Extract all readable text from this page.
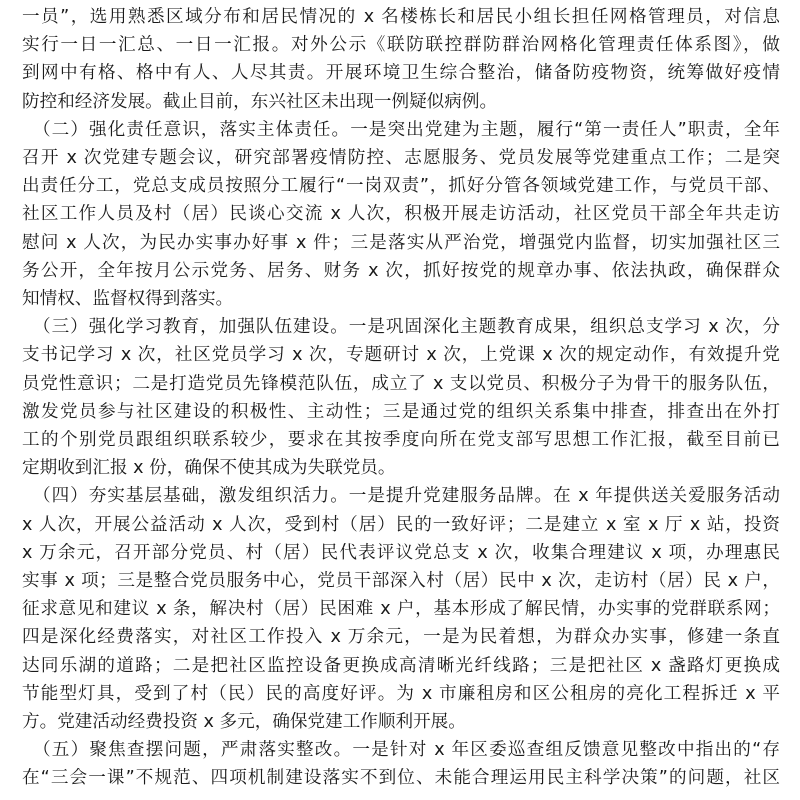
一员”，选用熟悉区域分布和居民情况的 x 名楼栋长和居民小组长担任网格管理员，对信息
实行一日一汇总、一日一汇报。对外公示《联防联控群防群治网格化管理责任体系图》，做
到网中有格、格中有人、人尽其责。开展环境卫生综合整治，储备防疫物资，统筹做好疫情
防控和经济发展。截止目前，东兴社区未出现一例疑似病例。
（二）强化责任意识，落实主体责任。一是突出党建为主题，履行“第一责任人”职责，全年
召开 x 次党建专题会议，研究部署疫情防控、志愿服务、党员发展等党建重点工作；二是突
出责任分工，党总支成员按照分工履行“一岗双责”，抓好分管各领域党建工作，与党员干部、
社区工作人员及村（居）民谈心交流 x 人次，积极开展走访活动，社区党员干部全年共走访
慰问 x 人次，为民办实事办好事 x 件；三是落实从严治党，增强党内监督，切实加强社区三
务公开，全年按月公示党务、居务、财务 x 次，抓好按党的规章办事、依法执政，确保群众
知情权、监督权得到落实。
（三）强化学习教育，加强队伍建设。一是巩固深化主题教育成果，组织总支学习 x 次，分
支书记学习 x 次，社区党员学习 x 次，专题研讨 x 次，上党课 x 次的规定动作，有效提升党
员党性意识；二是打造党员先锋模范队伍，成立了 x 支以党员、积极分子为骨干的服务队伍，
激发党员参与社区建设的积极性、主动性；三是通过党的组织关系集中排查，排查出在外打
工的个别党员跟组织联系较少，要求在其按季度向所在党支部写思想工作汇报，截至目前已
定期收到汇报 x 份，确保不使其成为失联党员。
（四）夯实基层基础，激发组织活力。一是提升党建服务品牌。在 x 年提供送关爱服务活动
x 人次，开展公益活动 x 人次，受到村（居）民的一致好评；二是建立 x 室 x 厅 x 站，投资
x 万余元，召开部分党员、村（居）民代表评议党总支 x 次，收集合理建议 x 项，办理惠民
实事 x 项；三是整合党员服务中心，党员干部深入村（居）民中 x 次，走访村（居）民 x 户，
征求意见和建议 x 条，解决村（居）民困难 x 户，基本形成了解民情，办实事的党群联系网；
四是深化经费落实，对社区工作投入 x 万余元，一是为民着想，为群众办实事，修建一条直
达同乐湖的道路；二是把社区监控设备更换成高清晰光纤线路；三是把社区 x 盏路灯更换成
节能型灯具，受到了村（民）民的高度好评。为 x 市廉租房和区公租房的亮化工程拆迁 x 平
方。党建活动经费投资 x 多元，确保党建工作顺利开展。
（五）聚焦查摆问题，严肃落实整改。一是针对 x 年区委巡查组反馈意见整改中指出的“存
在“三会一课”不规范、四项机制建设落实不到位、未能合理运用民主科学决策”的问题，社区
